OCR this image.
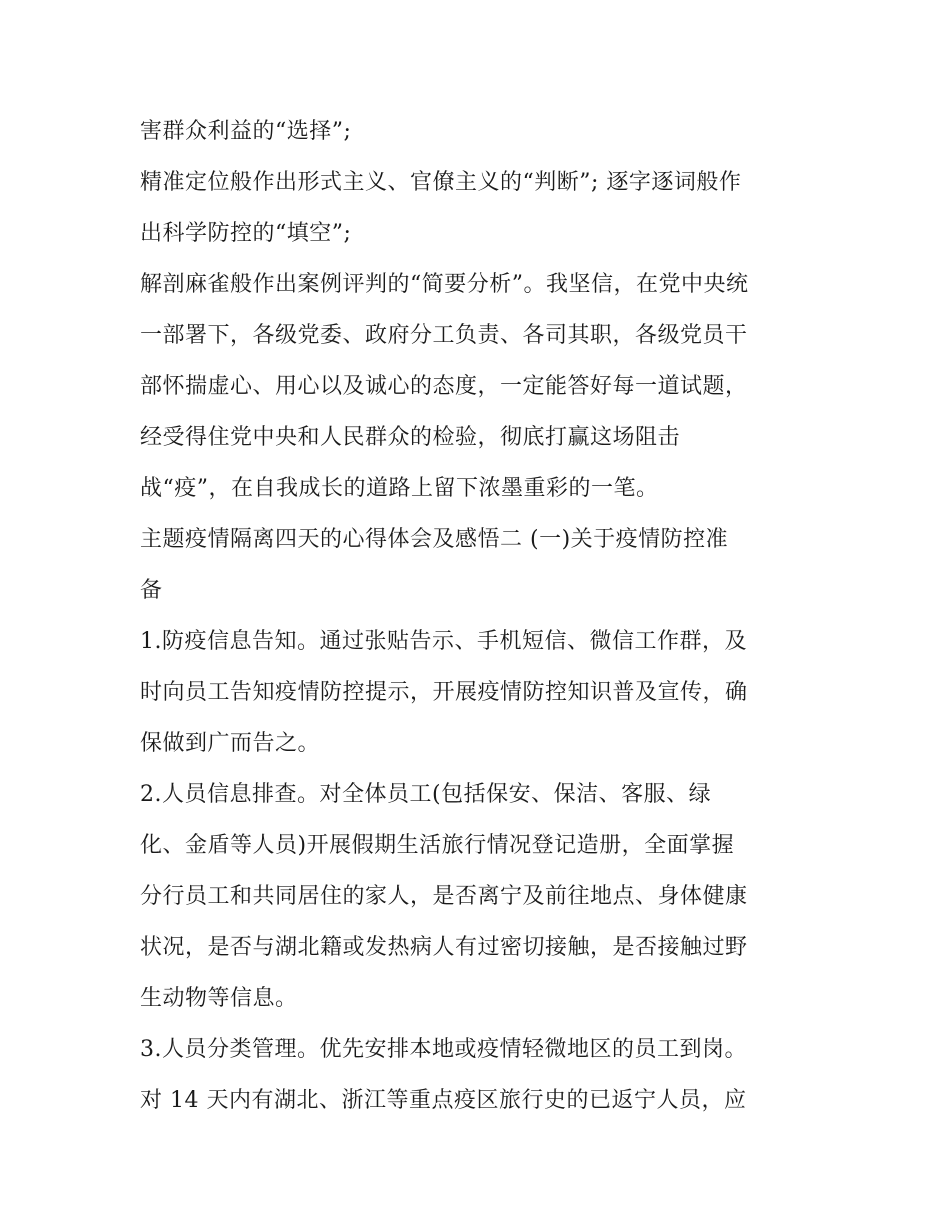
害群众利益的“选择”;
精准定位般作出形式主义、官僚主义的“判断”; 逐字逐词般作
出科学防控的“填空”;
解剖麻雀般作出案例评判的“简要分析”。我坚信，在党中央统
一部署下，各级党委、政府分工负责、各司其职，各级党员干
部怀揣虚心、用心以及诚心的态度，一定能答好每一道试题，
经受得住党中央和人民群众的检验，彻底打赢这场阻击
战“疫”，在自我成长的道路上留下浓墨重彩的一笔。
主题疫情隔离四天的心得体会及感悟二 (一)关于疫情防控准
备
1.防疫信息告知。通过张贴告示、手机短信、微信工作群，及
时向员工告知疫情防控提示，开展疫情防控知识普及宣传，确
保做到广而告之。
2.人员信息排查。对全体员工(包括保安、保洁、客服、绿
化、金盾等人员)开展假期生活旅行情况登记造册，全面掌握
分行员工和共同居住的家人，是否离宁及前往地点、身体健康
状况，是否与湖北籍或发热病人有过密切接触，是否接触过野
生动物等信息。
3.人员分类管理。优先安排本地或疫情轻微地区的员工到岗。
对 14 天内有湖北、浙江等重点疫区旅行史的已返宁人员，应
